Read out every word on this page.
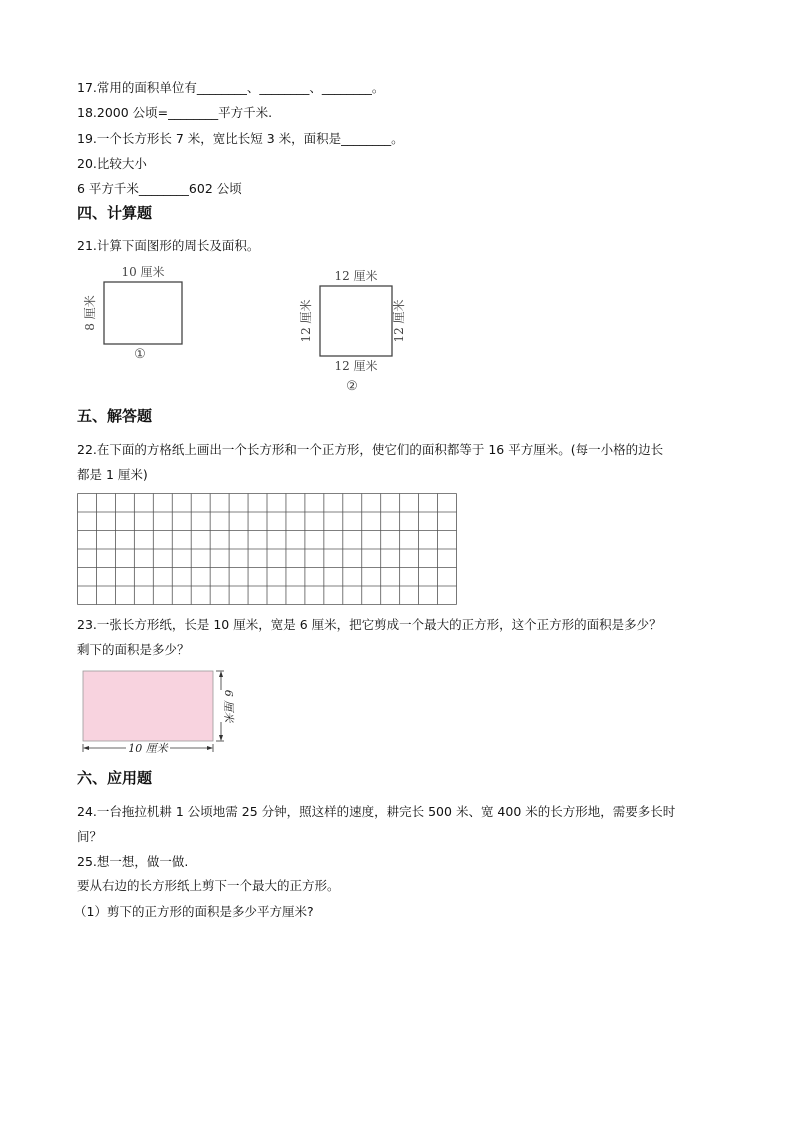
17.常用的面积单位有________、________、________。
18.2000 公顷=________平方千米.
19.一个长方形长 7 米，宽比长短 3 米，面积是________。
20.比较大小
6 平方千米________602 公顷
四、计算题
21.计算下面图形的周长及面积。
10 厘米
8 厘米
①
12 厘米
12 厘米	12 厘米
12 厘米
②
五、解答题
22.在下面的方格纸上画出一个长方形和一个正方形，使它们的面积都等于 16 平方厘米。(每一小格的边长
都是 1 厘米)
23.一张长方形纸，长是 10 厘米，宽是 6 厘米，把它剪成一个最大的正方形，这个正方形的面积是多少？
剩下的面积是多少？
6 厘米
10 厘米
六、应用题
24.一台拖拉机耕 1 公顷地需 25 分钟，照这样的速度，耕完长 500 米、宽 400 米的长方形地，需要多长时
间？
25.想一想，做一做.
要从右边的长方形纸上剪下一个最大的正方形。
（1）剪下的正方形的面积是多少平方厘米?
